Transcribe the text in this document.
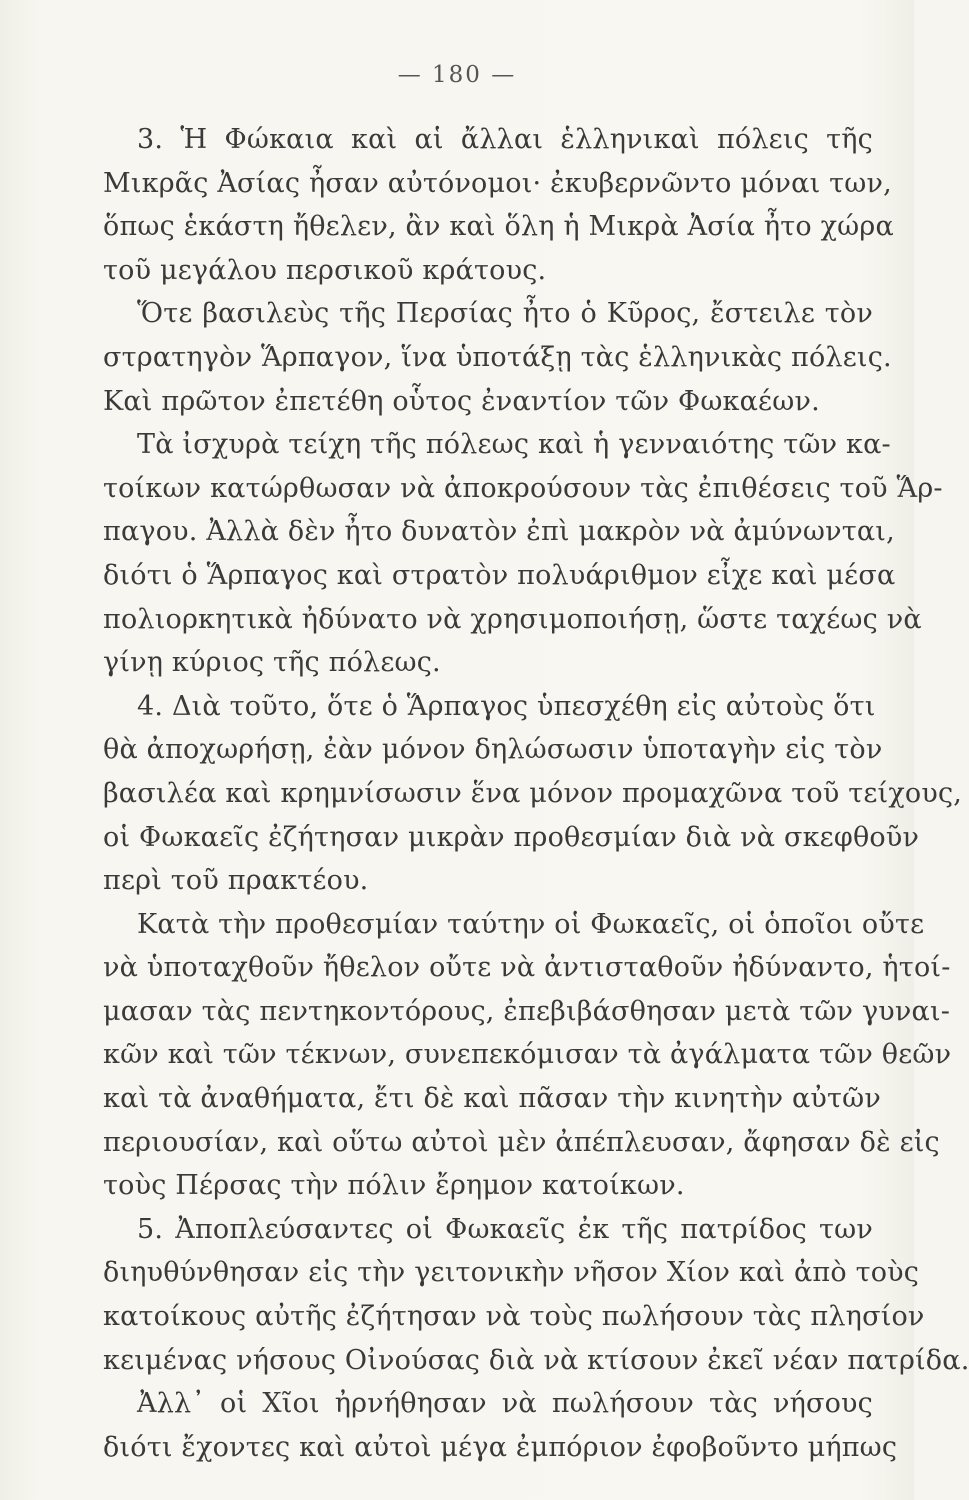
— 180 —
3. Ἡ Φώκαια καὶ αἱ ἄλλαι ἑλληνικαὶ πόλεις τῆς
Μικρᾶς Ἀσίας ἦσαν αὐτόνομοι· ἐκυβερνῶντο μόναι των,
ὅπως ἑκάστη ἤθελεν, ἂν καὶ ὅλη ἡ Μικρὰ Ἀσία ἦτο χώρα
τοῦ μεγάλου περσικοῦ κράτους.
Ὅτε βασιλεὺς τῆς Περσίας ἦτο ὁ Κῦρος, ἔστειλε τὸν
στρατηγὸν Ἅρπαγον, ἵνα ὑποτάξῃ τὰς ἑλληνικὰς πόλεις.
Καὶ πρῶτον ἐπετέθη οὗτος ἐναντίον τῶν Φωκαέων.
Τὰ ἰσχυρὰ τείχη τῆς πόλεως καὶ ἡ γενναιότης τῶν κα-
τοίκων κατώρθωσαν νὰ ἀποκρούσουν τὰς ἐπιθέσεις τοῦ Ἅρ-
παγου. Ἀλλὰ δὲν ἦτο δυνατὸν ἐπὶ μακρὸν νὰ ἀμύνωνται,
διότι ὁ Ἅρπαγος καὶ στρατὸν πολυάριθμον εἶχε καὶ μέσα
πολιορκητικὰ ἠδύνατο νὰ χρησιμοποιήσῃ, ὥστε ταχέως νὰ
γίνῃ κύριος τῆς πόλεως.
4. Διὰ τοῦτο, ὅτε ὁ Ἅρπαγος ὑπεσχέθη εἰς αὐτοὺς ὅτι
θὰ ἀποχωρήσῃ, ἐὰν μόνον δηλώσωσιν ὑποταγὴν εἰς τὸν
βασιλέα καὶ κρημνίσωσιν ἕνα μόνον προμαχῶνα τοῦ τείχους,
οἱ Φωκαεῖς ἐζήτησαν μικρὰν προθεσμίαν διὰ νὰ σκεφθοῦν
περὶ τοῦ πρακτέου.
Κατὰ τὴν προθεσμίαν ταύτην οἱ Φωκαεῖς, οἱ ὁποῖοι οὔτε
νὰ ὑποταχθοῦν ἤθελον οὔτε νὰ ἀντισταθοῦν ἠδύναντο, ἡτοί-
μασαν τὰς πεντηκοντόρους, ἐπεβιβάσθησαν μετὰ τῶν γυναι-
κῶν καὶ τῶν τέκνων, συνεπεκόμισαν τὰ ἀγάλματα τῶν θεῶν
καὶ τὰ ἀναθήματα, ἔτι δὲ καὶ πᾶσαν τὴν κινητὴν αὐτῶν
περιουσίαν, καὶ οὕτω αὐτοὶ μὲν ἀπέπλευσαν, ἄφησαν δὲ εἰς
τοὺς Πέρσας τὴν πόλιν ἔρημον κατοίκων.
5. Ἀποπλεύσαντες οἱ Φωκαεῖς ἐκ τῆς πατρίδος των
διηυθύνθησαν εἰς τὴν γειτονικὴν νῆσον Χίον καὶ ἀπὸ τοὺς
κατοίκους αὐτῆς ἐζήτησαν νὰ τοὺς πωλήσουν τὰς πλησίον
κειμένας νήσους Οἰνούσας διὰ νὰ κτίσουν ἐκεῖ νέαν πατρίδα.
Ἀλλ᾽ οἱ Χῖοι ἠρνήθησαν νὰ πωλήσουν τὰς νήσους
διότι ἔχοντες καὶ αὐτοὶ μέγα ἐμπόριον ἐφοβοῦντο μήπως
